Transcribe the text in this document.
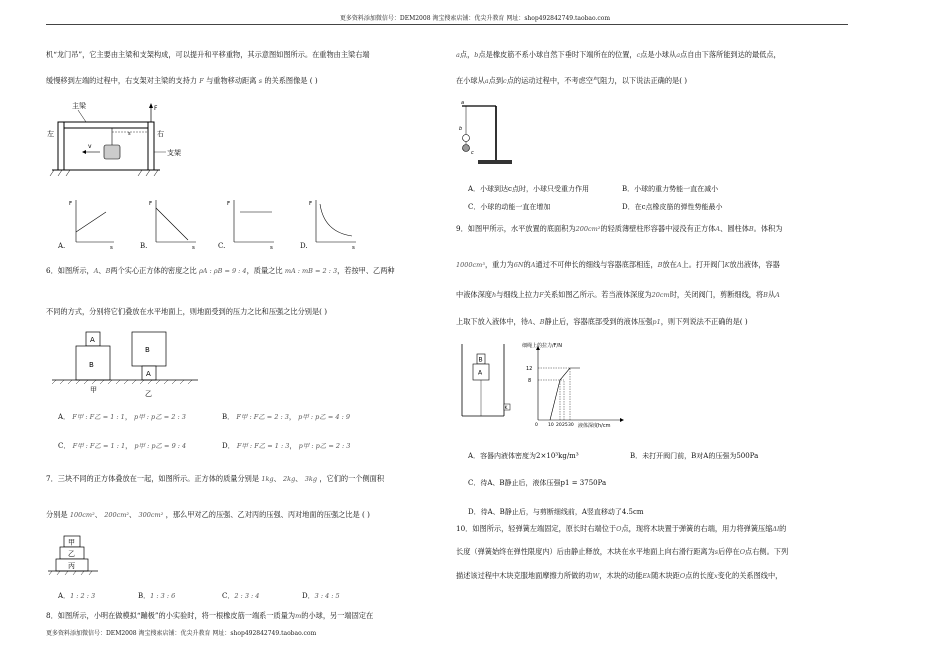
更多资料添加微信号：DEM2008 淘宝搜索店铺：优尖升教育 网址：shop492842749.taobao.com
更多资料添加微信号：DEM2008 淘宝搜索店铺：优尖升教育 网址：shop492842749.taobao.com
机“龙门吊”，它主要由主梁和支架构成，可以提升和平移重物，其示意图如图所示。在重物由主梁右端
缓慢移到左端的过程中，右支架对主梁的支持力 F 与重物移动距离 s 的关系图像是 ( )
主梁
左	右
F
s
v
支架
F
s
F
s
F
s
F
s
A.	B.	C.	D.
6．如图所示，A、B两个实心正方体的密度之比 ρA : ρB = 9 : 4，质量之比 mA : mB = 2 : 3，若按甲、乙两种
不同的方式，分别将它们叠放在水平地面上，则地面受到的压力之比和压强之比分别是( )
A
B
B
A
甲	乙
A． F甲 : F乙 = 1 : 1， p甲 : p乙 = 2 : 3	B． F甲 : F乙 = 2 : 3， p甲 : p乙 = 4 : 9
C． F甲 : F乙 = 1 : 1， p甲 : p乙 = 9 : 4	D． F甲 : F乙 = 1 : 3， p甲 : p乙 = 2 : 3
7．三块不同的正方体叠放在一起，如图所示。正方体的质量分别是 1kg、 2kg、 3kg ，它们的一个侧面积
分别是 100cm²、 200cm²、 300cm² ，那么甲对乙的压强、乙对丙的压强、丙对地面的压强之比是 ( )
甲
乙
丙
A．1 : 2 : 3	B．1 : 3 : 6	C．2 : 3 : 4	D．3 : 4 : 5
8．如图所示，小明在做模拟“蹦极”的小实验时，将一根橡皮筋一端系一质量为m的小球，另一端固定在
a点，b点是橡皮筋不系小球自然下垂时下端所在的位置，c点是小球从a点自由下落所能到达的最低点，
在小球从a点到c点的运动过程中，不考虑空气阻力，以下说法正确的是( )
a
b
c
A．小球到达c点时，小球只受重力作用	B．小球的重力势能一直在减小
C．小球的动能一直在增加	D．在c点橡皮筋的弹性势能最小
9．如图甲所示，水平放置的底面积为200cm²的轻质薄壁柱形容器中浸没有正方体A、圆柱体B。体积为
1000cm³，重力为6N的A通过不可伸长的细线与容器底部相连，B放在A上。打开阀门K放出液体，容器
中液体深度h与细线上拉力F关系如图乙所示。若当液体深度为20cm时，关闭阀门，剪断细线，将B从A
上取下放入液体中，待A、B静止后，容器底部受到的液体压强p1，则下列说法不正确的是( )
B
A
K
细绳上的拉力/F/N
液体深度h/cm
12
8
0 10 20 25 30
A．容器内液体密度为2×10³kg/m³	B．未打开阀门前，B对A的压强为500Pa
C．待A、B静止后，液体压强p1 = 3750Pa
D．待A、B静止后，与剪断细线前，A竖直移动了4.5cm
10．如图所示，轻弹簧左端固定，原长时右端位于O点，现将木块置于弹簧的右端，用力将弹簧压缩Δl的
长度（弹簧始终在弹性限度内）后由静止释放，木块在水平地面上向右滑行距离为s后停在O点右侧。下列
描述该过程中木块克服地面摩擦力所做的功W，木块的动能Ek随木块距O点的长度x变化的关系图线中，
